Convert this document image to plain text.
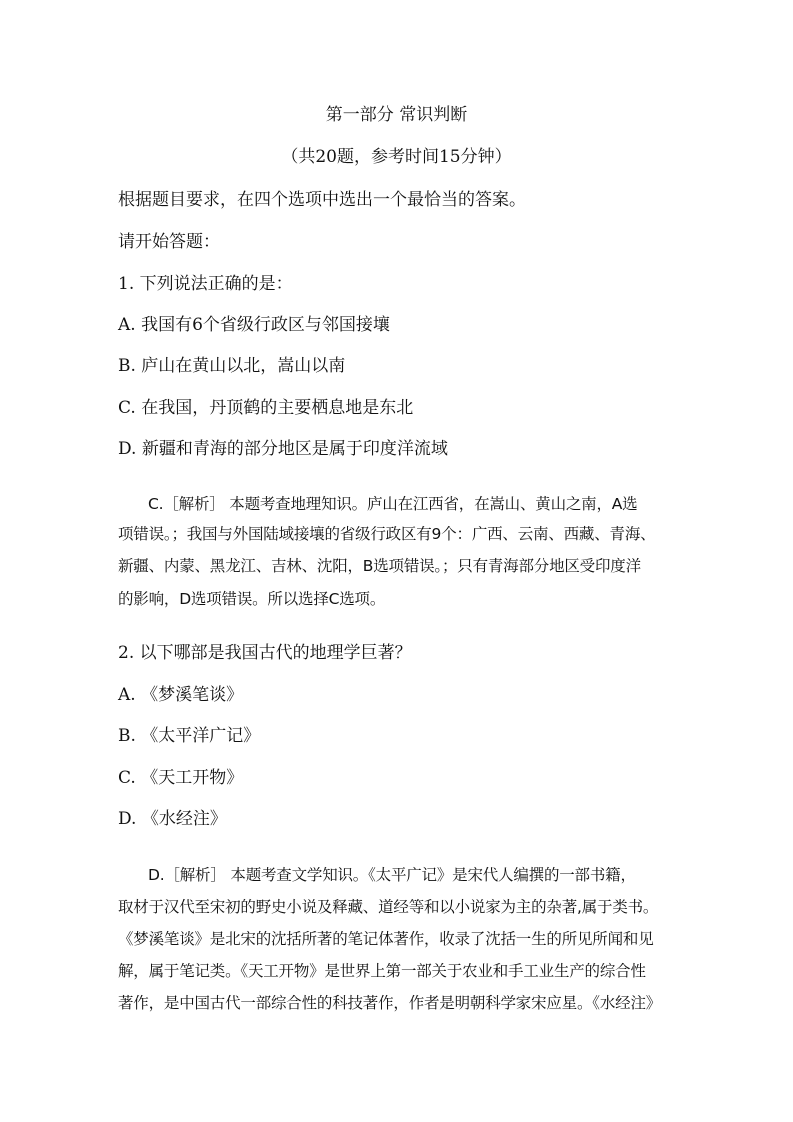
第一部分 常识判断
（共20题，参考时间15分钟）
根据题目要求，在四个选项中选出一个最恰当的答案。
请开始答题：
1. 下列说法正确的是：
A. 我国有6个省级行政区与邻国接壤
B. 庐山在黄山以北，嵩山以南
C. 在我国，丹顶鹤的主要栖息地是东北
D. 新疆和青海的部分地区是属于印度洋流域
C.［解析］ 本题考查地理知识。庐山在江西省，在嵩山、黄山之南，A选
项错误。；我国与外国陆域接壤的省级行政区有9个：广西、云南、西藏、青海、
新疆、内蒙、黑龙江、吉林、沈阳，B选项错误。；只有青海部分地区受印度洋
的影响，D选项错误。所以选择C选项。
2. 以下哪部是我国古代的地理学巨著？
A. 《梦溪笔谈》
B. 《太平洋广记》
C. 《天工开物》
D. 《水经注》
D.［解析］ 本题考查文学知识。《太平广记》是宋代人编撰的一部书籍，
取材于汉代至宋初的野史小说及释藏、道经等和以小说家为主的杂著,属于类书。
《梦溪笔谈》是北宋的沈括所著的笔记体著作，收录了沈括一生的所见所闻和见
解，属于笔记类。《天工开物》是世界上第一部关于农业和手工业生产的综合性
著作，是中国古代一部综合性的科技著作，作者是明朝科学家宋应星。《水经注》
